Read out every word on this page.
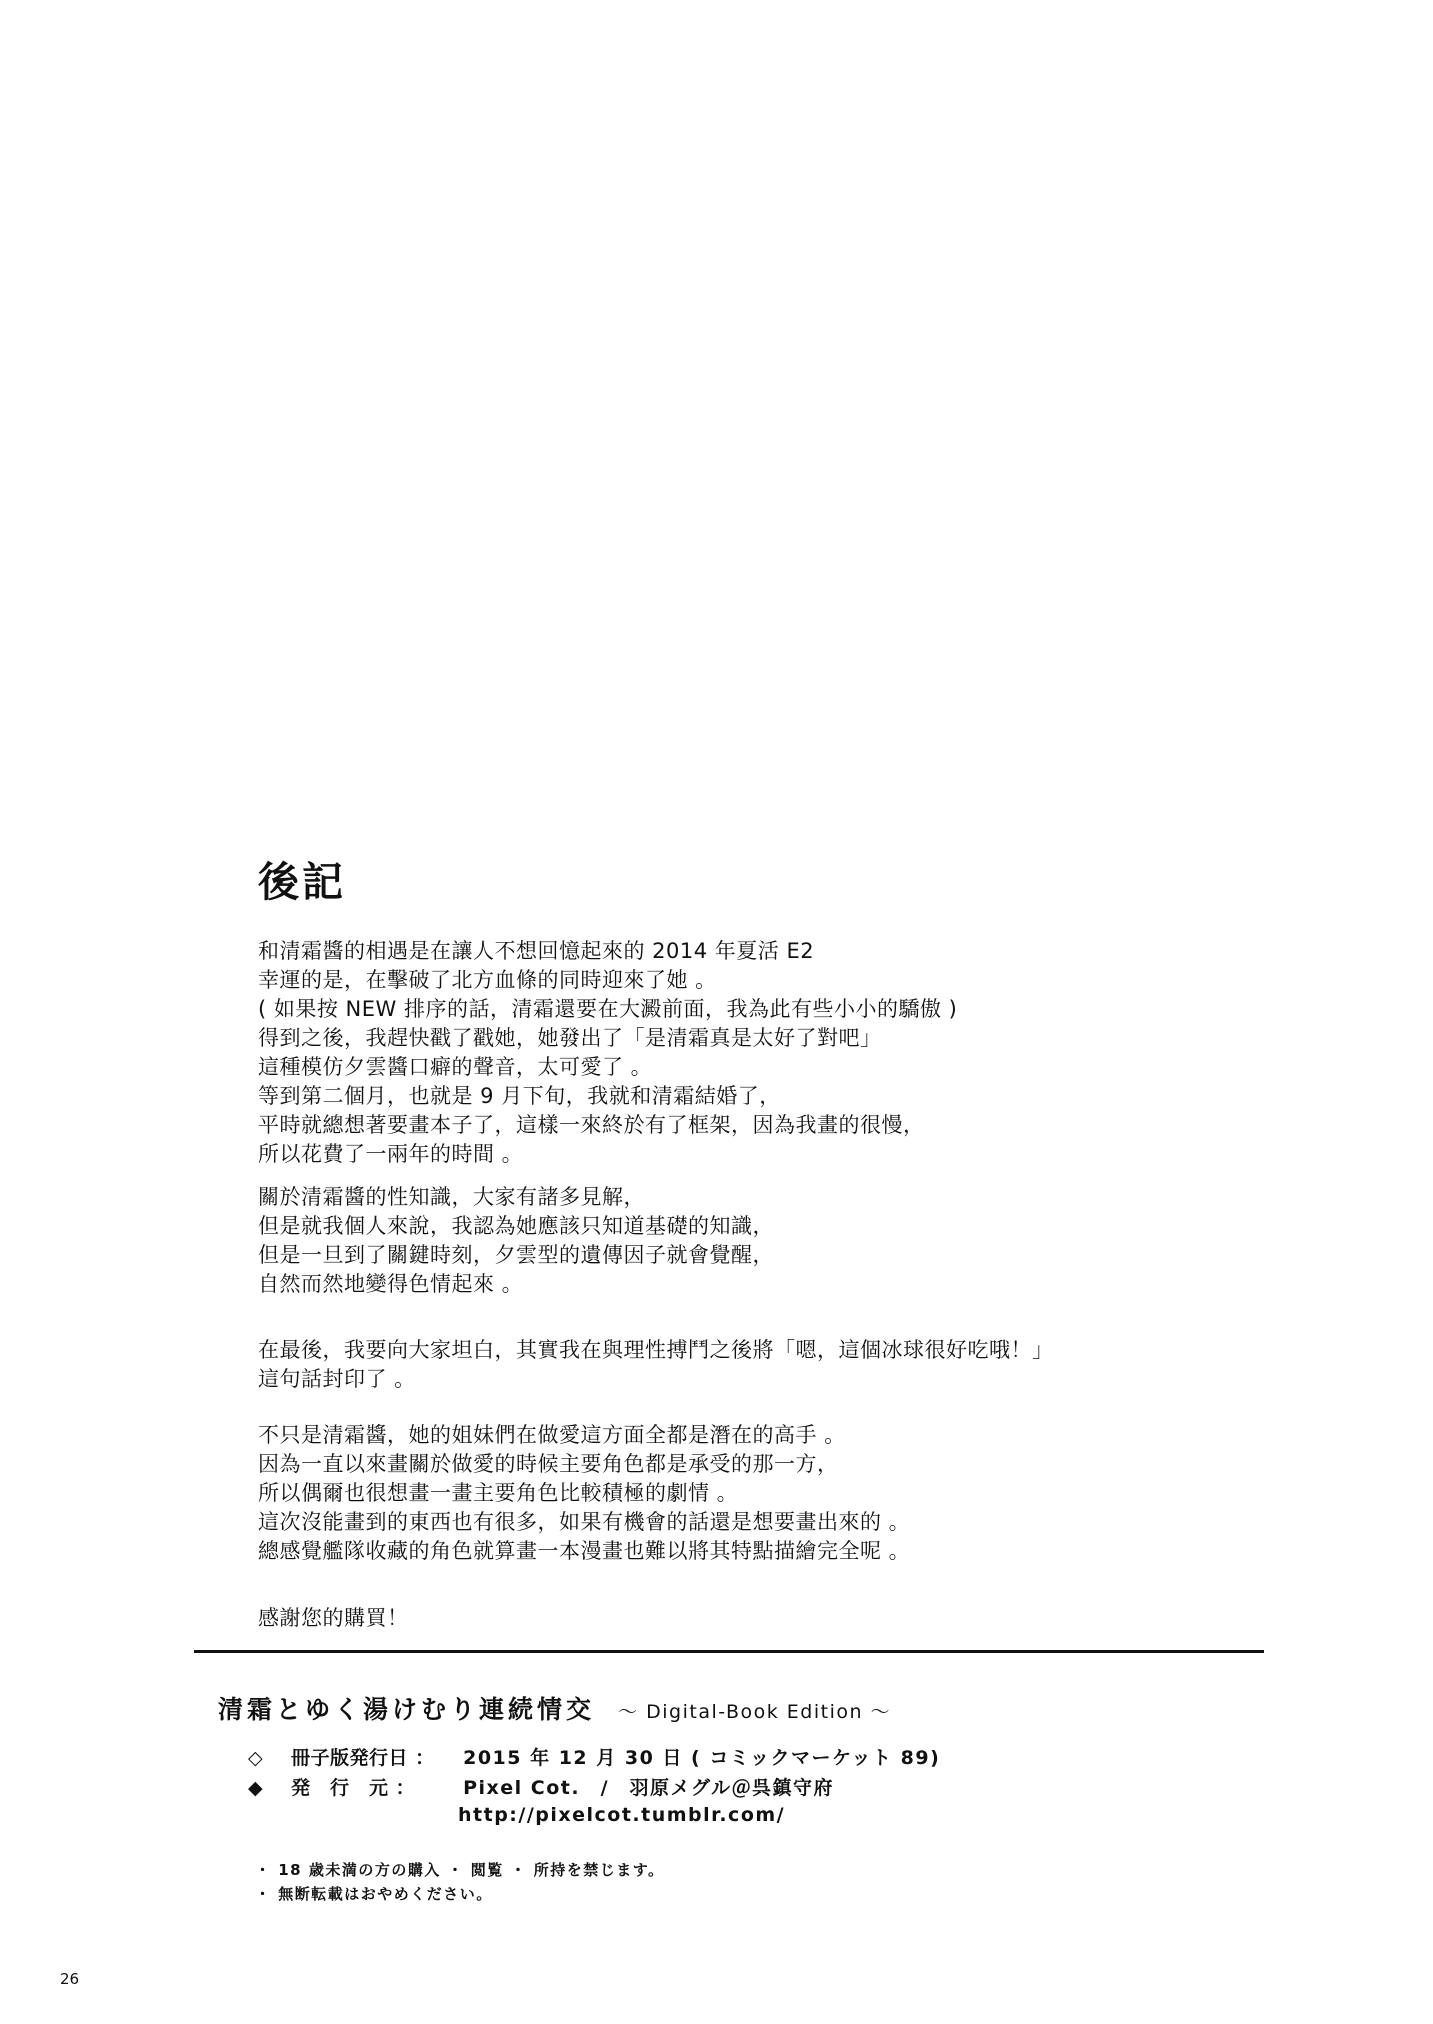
後記

和清霜醬的相遇是在讓人不想回憶起來的 2014 年夏活 E2
幸運的是，在擊破了北方血條的同時迎來了她 。
( 如果按 NEW 排序的話，清霜還要在大澱前面，我為此有些小小的驕傲 )
得到之後，我趕快戳了戳她，她發出了「是清霜真是太好了對吧」
這種模仿夕雲醬口癖的聲音，太可愛了 。
等到第二個月，也就是 9 月下旬，我就和清霜結婚了，
平時就總想著要畫本子了，這樣一來終於有了框架，因為我畫的很慢，
所以花費了一兩年的時間 。

關於清霜醬的性知識，大家有諸多見解，
但是就我個人來說，我認為她應該只知道基礎的知識，
但是一旦到了關鍵時刻，夕雲型的遺傳因子就會覺醒，
自然而然地變得色情起來 。

在最後，我要向大家坦白，其實我在與理性搏鬥之後將「嗯，這個冰球很好吃哦！」
這句話封印了 。

不只是清霜醬，她的姐妹們在做愛這方面全都是潛在的高手 。
因為一直以來畫關於做愛的時候主要角色都是承受的那一方，
所以偶爾也很想畫一畫主要角色比較積極的劇情 。
這次沒能畫到的東西也有很多，如果有機會的話還是想要畫出來的 。
總感覺艦隊收藏的角色就算畫一本漫畫也難以將其特點描繪完全呢 。

感謝您的購買！

清霜とゆく湯けむり連続情交 ～ Digital-Book Edition ～
◇ 冊子版発行日 ： 2015 年 12 月 30 日 ( コミックマーケット 89)
◆ 発　行　元 ：	Pixel Cot.　/　羽原メグル＠呉鎮守府
http://pixelcot.tumblr.com/
・ 18 歳未満の方の購入 ・ 閲覧 ・ 所持を禁じます。
・ 無断転載はおやめください。
26
